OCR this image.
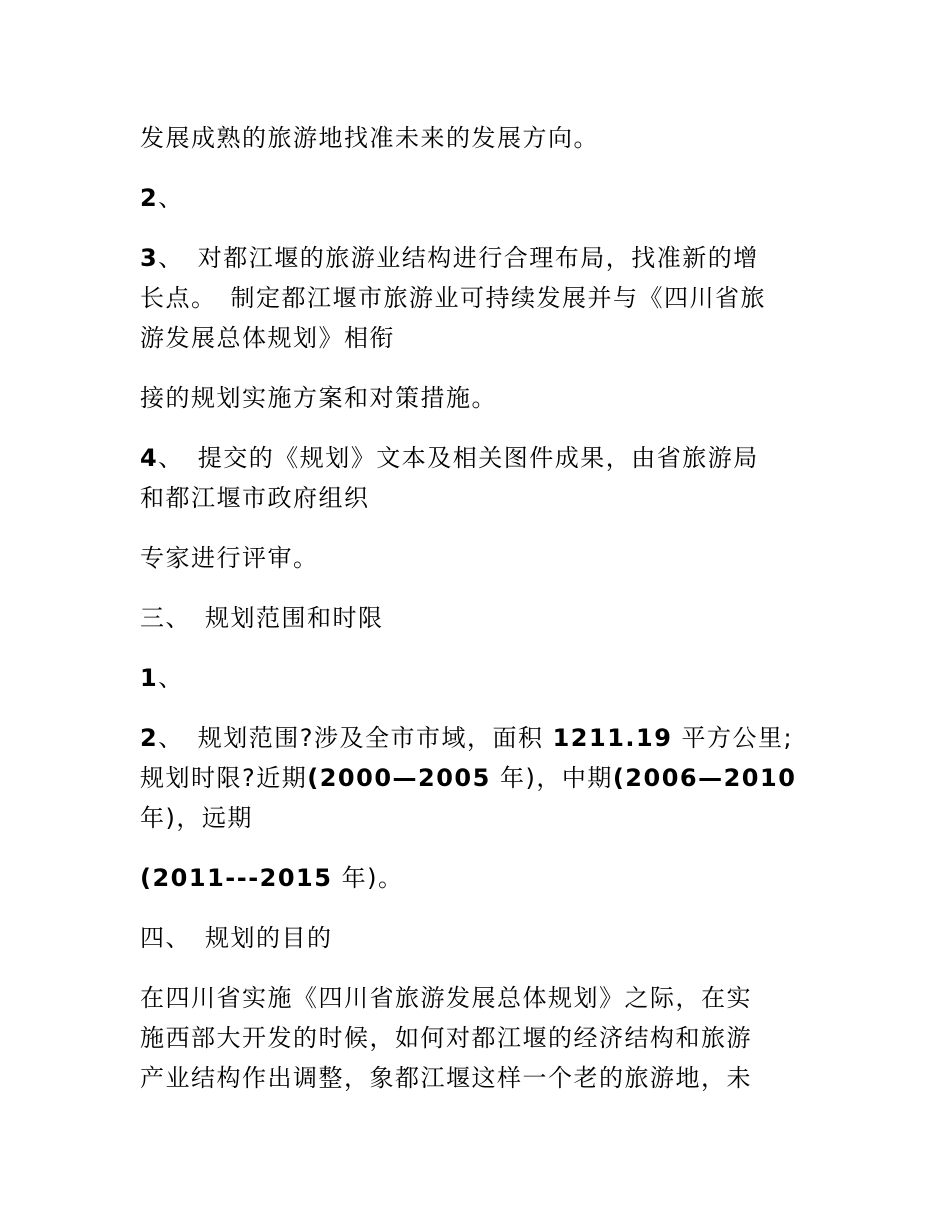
发展成熟的旅游地找准未来的发展方向。

2、

3、 对都江堰的旅游业结构进行合理布局，找准新的增
长点。 制定都江堰市旅游业可持续发展并与《四川省旅
游发展总体规划》相衔

接的规划实施方案和对策措施。

4、 提交的《规划》文本及相关图件成果，由省旅游局
和都江堰市政府组织

专家进行评审。

三、 规划范围和时限

1、

2、 规划范围?涉及全市市域，面积 1211.19 平方公里;
规划时限?近期(2000—2005 年)，中期(2006—2010
年)，远期

(2011---2015 年)。

四、 规划的目的

在四川省实施《四川省旅游发展总体规划》之际，在实
施西部大开发的时候，如何对都江堰的经济结构和旅游
产业结构作出调整，象都江堰这样一个老的旅游地，未
